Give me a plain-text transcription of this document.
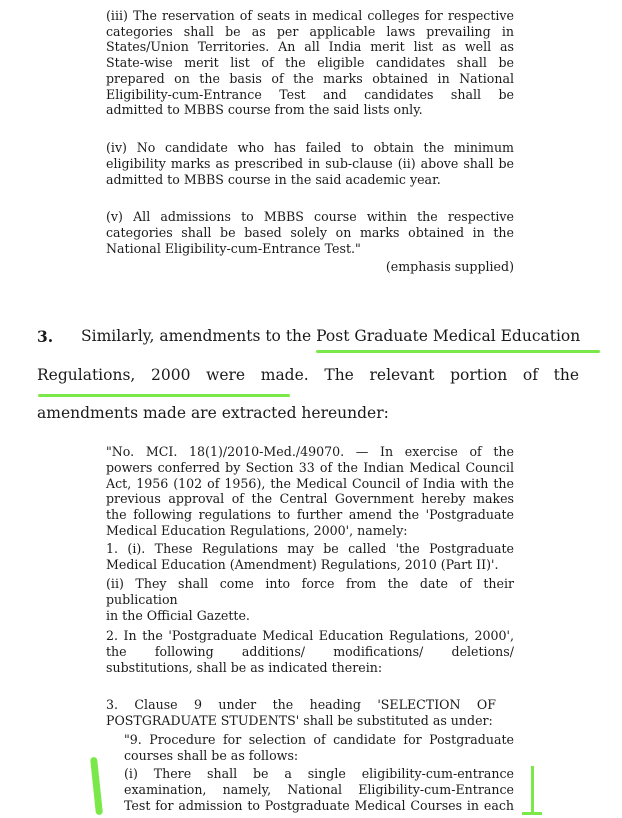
(iii) The reservation of seats in medical colleges for respective
categories shall be as per applicable laws prevailing in
States/Union Territories. An all India merit list as well as
State-wise merit list of the eligible candidates shall be
prepared on the basis of the marks obtained in National
Eligibility-cum-Entrance Test and candidates shall be
admitted to MBBS course from the said lists only.
(iv) No candidate who has failed to obtain the minimum
eligibility marks as prescribed in sub-clause (ii) above shall be
admitted to MBBS course in the said academic year.
(v) All admissions to MBBS course within the respective
categories shall be based solely on marks obtained in the
National Eligibility-cum-Entrance Test."
(emphasis supplied)
3. Similarly, amendments to the Post Graduate Medical Education
Regulations, 2000 were made. The relevant portion of the
amendments made are extracted hereunder:
"No. MCI. 18(1)/2010-Med./49070. — In exercise of the
powers conferred by Section 33 of the Indian Medical Council
Act, 1956 (102 of 1956), the Medical Council of India with the
previous approval of the Central Government hereby makes
the following regulations to further amend the 'Postgraduate
Medical Education Regulations, 2000', namely:
1. (i). These Regulations may be called 'the Postgraduate
Medical Education (Amendment) Regulations, 2010 (Part II)'.
(ii) They shall come into force from the date of their publication
in the Official Gazette.
2. In the 'Postgraduate Medical Education Regulations, 2000',
the following additions/ modifications/ deletions/
substitutions, shall be as indicated therein:
3. Clause 9 under the heading 'SELECTION OF
POSTGRADUATE STUDENTS' shall be substituted as under:
"9. Procedure for selection of candidate for Postgraduate
courses shall be as follows:
(i) There shall be a single eligibility-cum-entrance
examination, namely, National Eligibility-cum-Entrance
Test for admission to Postgraduate Medical Courses in each
